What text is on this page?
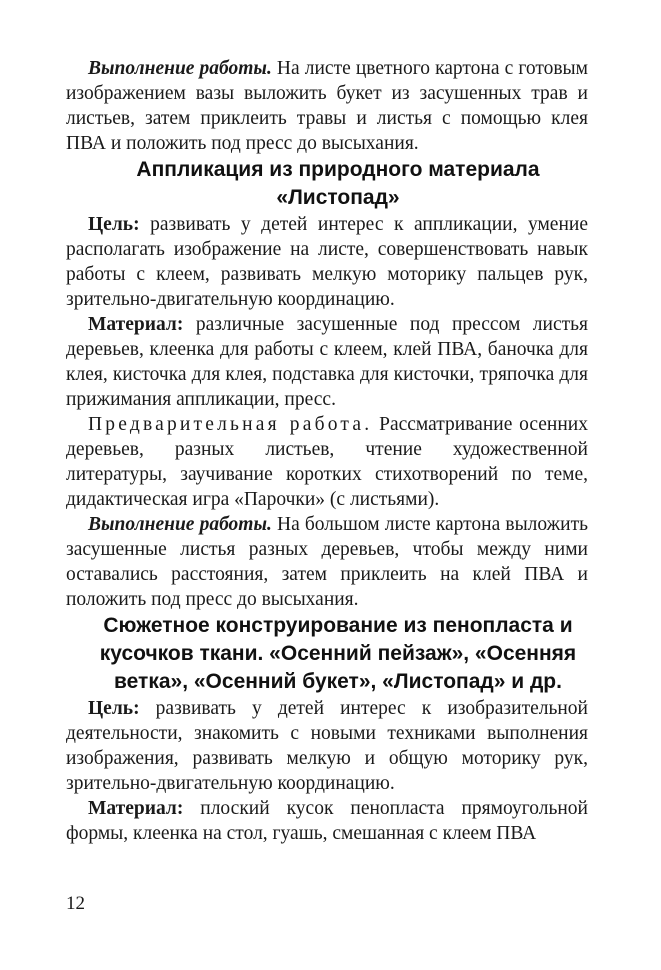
Выполнение работы. На листе цветного картона с готовым изображением вазы выложить букет из засушенных трав и листьев, затем приклеить травы и листья с помощью клея ПВА и положить под пресс до высыхания.

Аппликация из природного материала «Листопад»

Цель: развивать у детей интерес к аппликации, умение располагать изображение на листе, совершенствовать навык работы с клеем, развивать мелкую моторику пальцев рук, зрительно-двигательную координацию.

Материал: различные засушенные под прессом листья деревьев, клеенка для работы с клеем, клей ПВА, баночка для клея, кисточка для клея, подставка для кисточки, тряпочка для прижимания аппликации, пресс.

Предварительная работа. Рассматривание осенних деревьев, разных листьев, чтение художественной литературы, заучивание коротких стихотворений по теме, дидактическая игра «Парочки» (с листьями).

Выполнение работы. На большом листе картона выложить засушенные листья разных деревьев, чтобы между ними оставались расстояния, затем приклеить на клей ПВА и положить под пресс до высыхания.

Сюжетное конструирование из пенопласта и кусочков ткани. «Осенний пейзаж», «Осенняя ветка», «Осенний букет», «Листопад» и др.

Цель: развивать у детей интерес к изобразительной деятельности, знакомить с новыми техниками выполнения изображения, развивать мелкую и общую моторику рук, зрительно-двигательную координацию.

Материал: плоский кусок пенопласта прямоугольной формы, клеенка на стол, гуашь, смешанная с клеем ПВА

12
